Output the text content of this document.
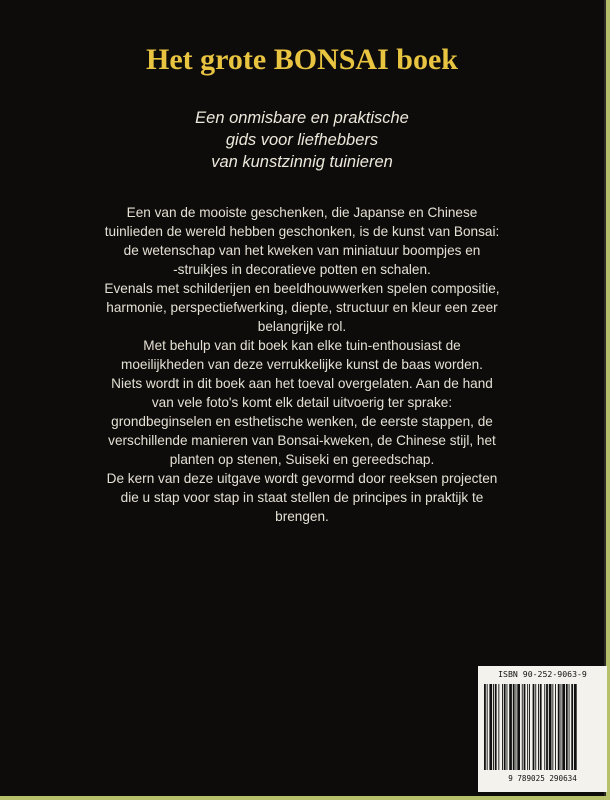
Het grote BONSAI boek
Een onmisbare en praktische
gids voor liefhebbers
van kunstzinnig tuinieren
Een van de mooiste geschenken, die Japanse en Chinese
tuinlieden de wereld hebben geschonken, is de kunst van Bonsai:
de wetenschap van het kweken van miniatuur boompjes en
-struikjes in decoratieve potten en schalen.
Evenals met schilderijen en beeldhouwwerken spelen compositie,
harmonie, perspectiefwerking, diepte, structuur en kleur een zeer
belangrijke rol.
Met behulp van dit boek kan elke tuin-enthousiast de
moeilijkheden van deze verrukkelijke kunst de baas worden.
Niets wordt in dit boek aan het toeval overgelaten. Aan de hand
van vele foto's komt elk detail uitvoerig ter sprake:
grondbeginselen en esthetische wenken, de eerste stappen, de
verschillende manieren van Bonsai-kweken, de Chinese stijl, het
planten op stenen, Suiseki en gereedschap.
De kern van deze uitgave wordt gevormd door reeksen projecten
die u stap voor stap in staat stellen de principes in praktijk te
brengen.
ISBN 90-252-9063-9
9 789025 290634
